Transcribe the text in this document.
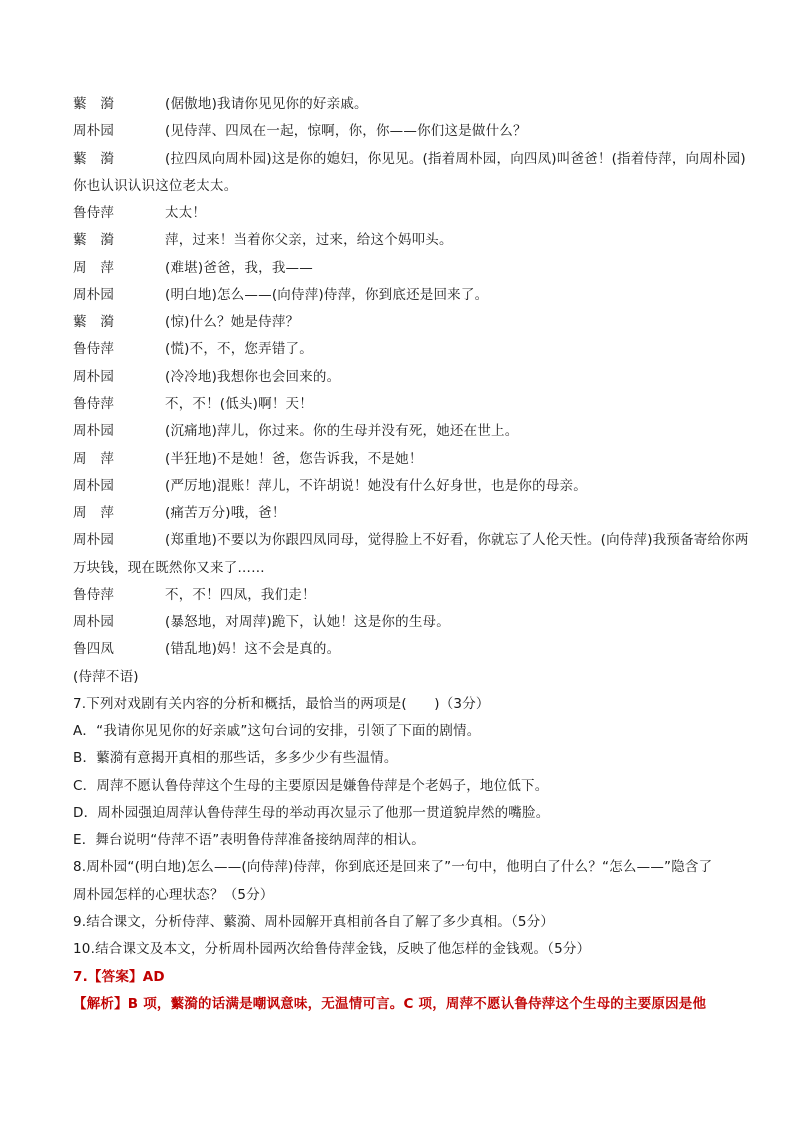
蘩　漪	(倨傲地)我请你见见你的好亲戚。
周朴园	(见侍萍、四凤在一起，惊啊，你，你——你们这是做什么？
蘩　漪	(拉四凤向周朴园)这是你的媳妇，你见见。(指着周朴园，向四凤)叫爸爸！(指着侍萍，向周朴园)
你也认识认识这位老太太。
鲁侍萍	太太！
蘩　漪	萍，过来！当着你父亲，过来，给这个妈叩头。
周　萍	(难堪)爸爸，我，我——
周朴园	(明白地)怎么——(向侍萍)侍萍，你到底还是回来了。
蘩　漪	(惊)什么？她是侍萍？
鲁侍萍	(慌)不，不，您弄错了。
周朴园	(冷冷地)我想你也会回来的。
鲁侍萍	不，不！(低头)啊！天！
周朴园	(沉痛地)萍儿，你过来。你的生母并没有死，她还在世上。
周　萍	(半狂地)不是她！爸，您告诉我，不是她！
周朴园	(严厉地)混账！萍儿，不许胡说！她没有什么好身世，也是你的母亲。
周　萍	(痛苦万分)哦，爸！
周朴园	(郑重地)不要以为你跟四凤同母，觉得脸上不好看，你就忘了人伦天性。(向侍萍)我预备寄给你两
万块钱，现在既然你又来了……
鲁侍萍	不，不！四凤，我们走！
周朴园	(暴怒地，对周萍)跪下，认她！这是你的生母。
鲁四凤	(错乱地)妈！这不会是真的。
(侍萍不语)
7.下列对戏剧有关内容的分析和概括，最恰当的两项是(　　)（3分）
A．“我请你见见你的好亲戚”这句台词的安排，引领了下面的剧情。
B．蘩漪有意揭开真相的那些话，多多少少有些温情。
C．周萍不愿认鲁侍萍这个生母的主要原因是嫌鲁侍萍是个老妈子，地位低下。
D．周朴园强迫周萍认鲁侍萍生母的举动再次显示了他那一贯道貌岸然的嘴脸。
E．舞台说明“侍萍不语”表明鲁侍萍准备接纳周萍的相认。
8.周朴园“(明白地)怎么——(向侍萍)侍萍，你到底还是回来了”一句中，他明白了什么？“怎么——”隐含了
周朴园怎样的心理状态？（5分）
9.结合课文，分析侍萍、蘩漪、周朴园解开真相前各自了解了多少真相。（5分）
10.结合课文及本文，分析周朴园两次给鲁侍萍金钱，反映了他怎样的金钱观。（5分）
7.【答案】AD
【解析】B 项，蘩漪的话满是嘲讽意味，无温情可言。C 项，周萍不愿认鲁侍萍这个生母的主要原因是他
